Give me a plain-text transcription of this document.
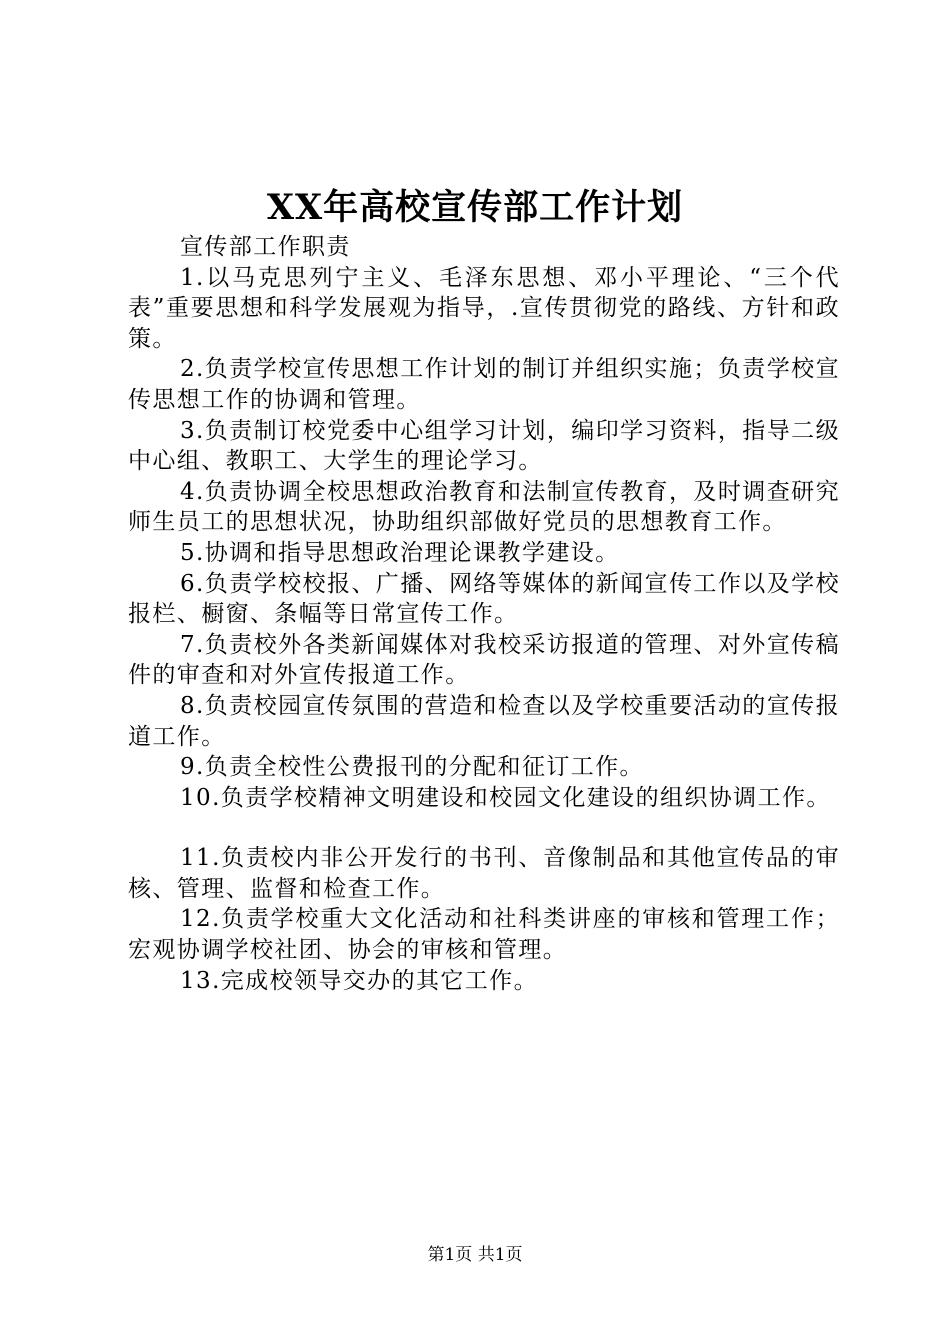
XX年高校宣传部工作计划

宣传部工作职责

1.以马克思列宁主义、毛泽东思想、邓小平理论、“三个代表”重要思想和科学发展观为指导，.宣传贯彻党的路线、方针和政策。

2.负责学校宣传思想工作计划的制订并组织实施；负责学校宣传思想工作的协调和管理。

3.负责制订校党委中心组学习计划，编印学习资料，指导二级中心组、教职工、大学生的理论学习。

4.负责协调全校思想政治教育和法制宣传教育，及时调查研究师生员工的思想状况，协助组织部做好党员的思想教育工作。

5.协调和指导思想政治理论课教学建设。

6.负责学校校报、广播、网络等媒体的新闻宣传工作以及学校报栏、橱窗、条幅等日常宣传工作。

7.负责校外各类新闻媒体对我校采访报道的管理、对外宣传稿件的审查和对外宣传报道工作。

8.负责校园宣传氛围的营造和检查以及学校重要活动的宣传报道工作。

9.负责全校性公费报刊的分配和征订工作。

10.负责学校精神文明建设和校园文化建设的组织协调工作。

11.负责校内非公开发行的书刊、音像制品和其他宣传品的审核、管理、监督和检查工作。

12.负责学校重大文化活动和社科类讲座的审核和管理工作；宏观协调学校社团、协会的审核和管理。

13.完成校领导交办的其它工作。

第1页 共1页
